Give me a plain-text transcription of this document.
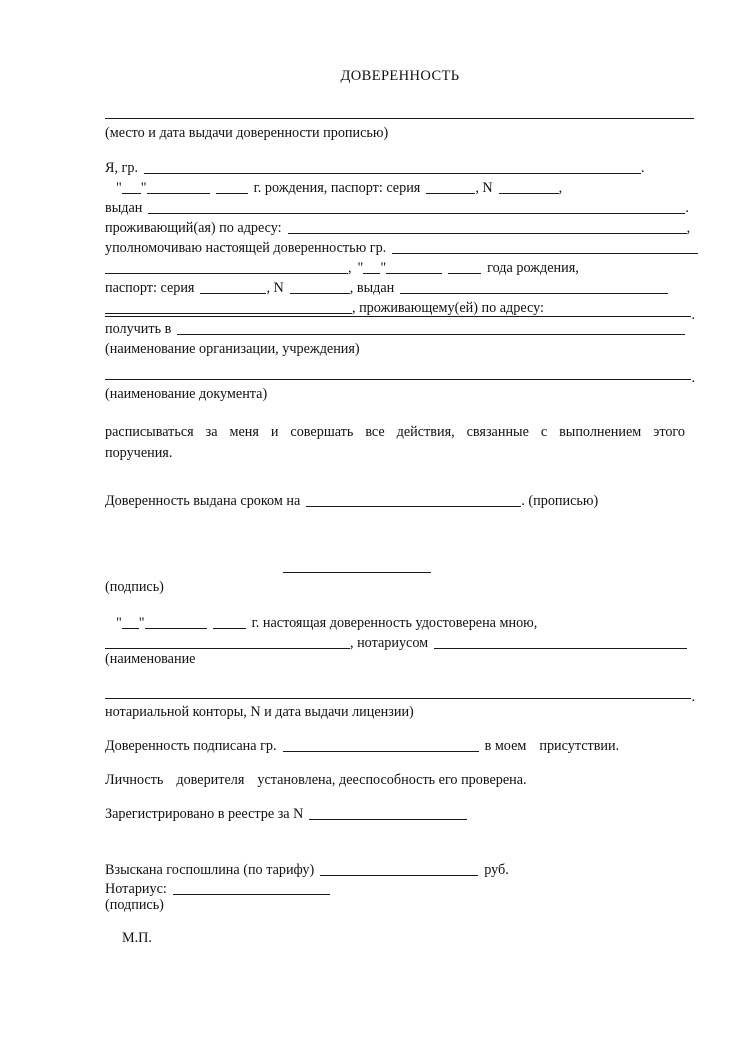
ДОВЕРЕННОСТЬ
(место и дата выдачи доверенности прописью)
Я, гр.	.
" "	г. рождения, паспорт: серия	, N	,
выдан	.
проживающий(ая) по адресу:	,
уполномочиваю настоящей доверенностью гр.
, " "	года рождения,
паспорт: серия	, N	, выдан
, проживающему(ей) по адресу:	.
получить в
(наименование организации, учреждения)
.
(наименование документа)
расписываться за меня и совершать все действия, связанные с выполнением этого
поручения.
Доверенность выдана сроком на	. (прописью)
(подпись)
" "	г. настоящая доверенность удостоверена мною,
, нотариусом
(наименование
.
нотариальной конторы, N и дата выдачи лицензии)
Доверенность подписана гр.	в моем присутствии.
Личность доверителя установлена, дееспособность его проверена.
Зарегистрировано в реестре за N
Взыскана госпошлина (по тарифу)	руб.
Нотариус:
(подпись)
М.П.
